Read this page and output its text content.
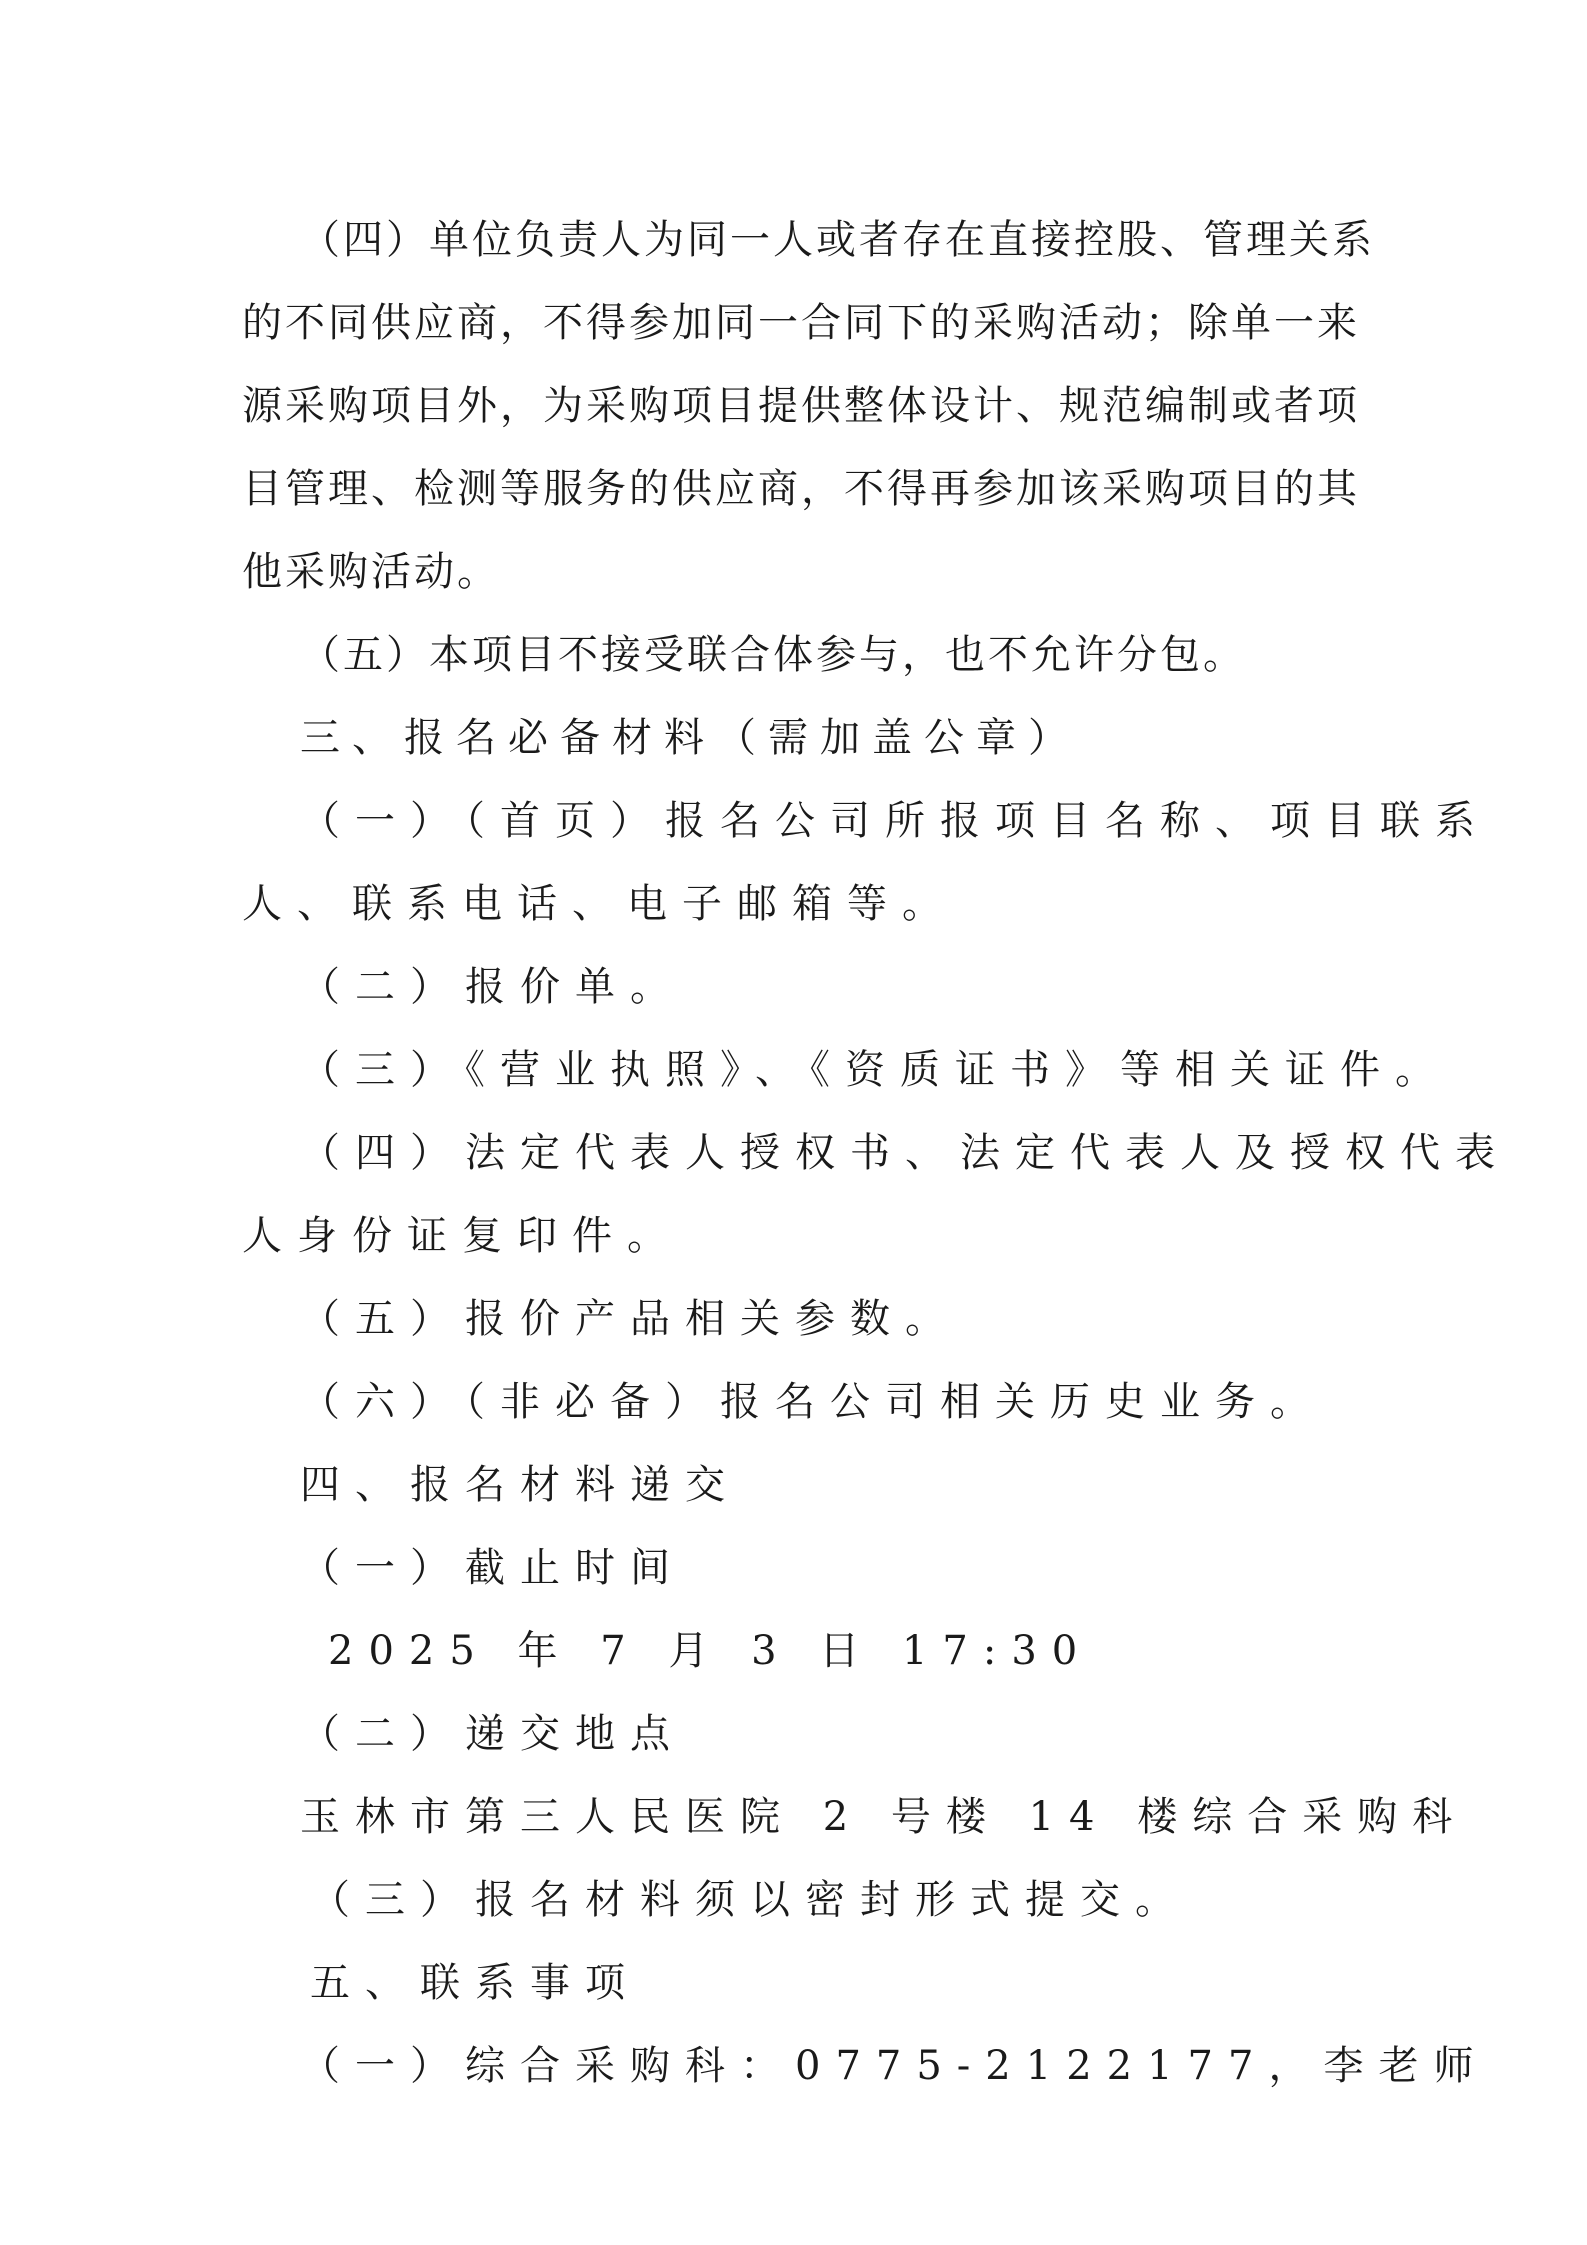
（四）单位负责人为同一人或者存在直接控股、管理关系
的不同供应商，不得参加同一合同下的采购活动；除单一来
源采购项目外，为采购项目提供整体设计、规范编制或者项
目管理、检测等服务的供应商，不得再参加该采购项目的其
他采购活动。
（五）本项目不接受联合体参与，也不允许分包。
三、报名必备材料（需加盖公章）
（一）（首页）报名公司所报项目名称、项目联系
人、联系电话、电子邮箱等。
（二）报价单。
（三）《营业执照》、《资质证书》等相关证件。
（四）法定代表人授权书、法定代表人及授权代表
人身份证复印件。
（五）报价产品相关参数。
（六）（非必备）报名公司相关历史业务。
四、报名材料递交
（一）截止时间
2025 年 7 月 3 日 17:30
（二）递交地点
玉林市第三人民医院 2 号楼 14 楼综合采购科
（三）报名材料须以密封形式提交。
五、联系事项
（一）综合采购科：0775-2122177，李老师
